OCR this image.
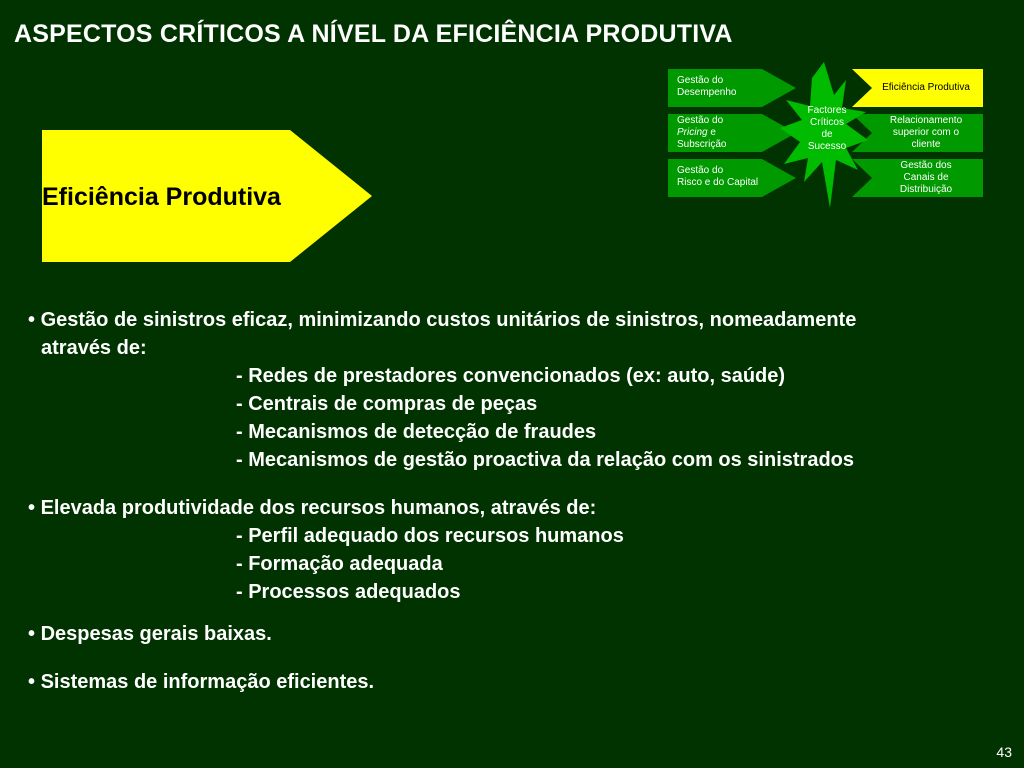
ASPECTOS CRÍTICOS A NÍVEL DA EFICIÊNCIA PRODUTIVA
Eficiência Produtiva
Gestão do
Desempenho
Gestão do
Pricing e
Subscrição
Gestão do
Risco e do Capital
Factores
Críticos
de
Sucesso
Eficiência Produtiva
Relacionamento
superior com o
cliente
Gestão dos
Canais de
Distribuição
• Gestão de sinistros eficaz, minimizando custos unitários de sinistros, nomeadamente
através de:
- Redes de prestadores convencionados (ex: auto, saúde)
- Centrais de compras de peças
- Mecanismos de detecção de fraudes
- Mecanismos de gestão proactiva da relação com os sinistrados
• Elevada produtividade dos recursos humanos, através de:
- Perfil adequado dos recursos humanos
- Formação adequada
- Processos adequados
• Despesas gerais baixas.
• Sistemas de informação eficientes.
43
